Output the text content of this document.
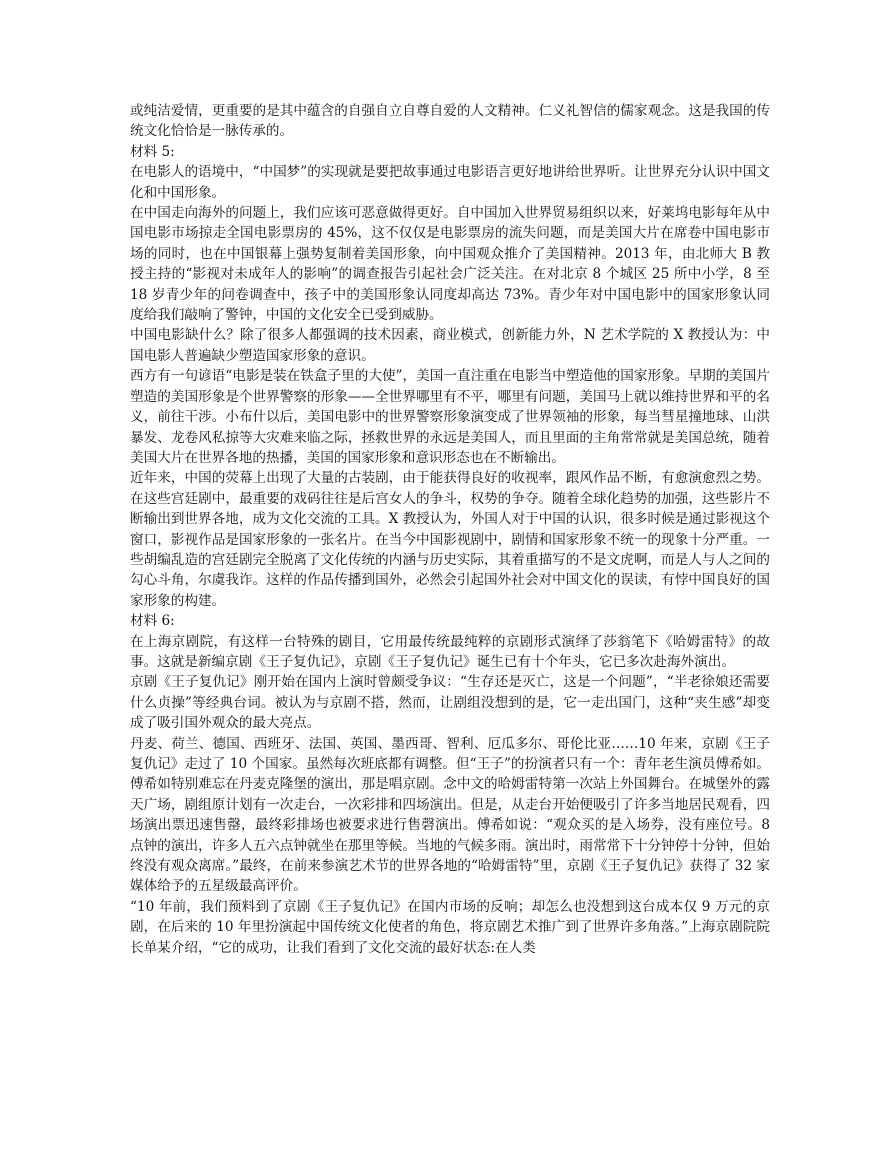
或纯洁爱情，更重要的是其中蕴含的自强自立自尊自爱的人文精神。仁义礼智信的儒家观念。这是我国的传统文化恰恰是一脉传承的。

材料 5:

在电影人的语境中，“中国梦”的实现就是要把故事通过电影语言更好地讲给世界听。让世界充分认识中国文化和中国形象。

在中国走向海外的问题上，我们应该可恶意做得更好。自中国加入世界贸易组织以来，好莱坞电影每年从中国电影市场掠走全国电影票房的 45%，这不仅仅是电影票房的流失问题，而是美国大片在席卷中国电影市场的同时，也在中国银幕上强势复制着美国形象，向中国观众推介了美国精神。2013 年，由北师大 B 教授主持的“影视对未成年人的影响”的调查报告引起社会广泛关注。在对北京 8 个城区 25 所中小学，8 至 18 岁青少年的问卷调查中，孩子中的美国形象认同度却高达 73%。青少年对中国电影中的国家形象认同度给我们敲响了警钟，中国的文化安全已受到威胁。

中国电影缺什么？除了很多人都强调的技术因素，商业模式，创新能力外，N 艺术学院的 X 教授认为：中国电影人普遍缺少塑造国家形象的意识。

西方有一句谚语“电影是装在铁盒子里的大使”，美国一直注重在电影当中塑造他的国家形象。早期的美国片塑造的美国形象是个世界警察的形象——全世界哪里有不平，哪里有问题，美国马上就以维持世界和平的名义，前往干涉。小布什以后，美国电影中的世界警察形象演变成了世界领袖的形象，每当彗星撞地球、山洪暴发、龙卷风私掠等大灾难来临之际，拯救世界的永远是美国人，而且里面的主角常常就是美国总统，随着美国大片在世界各地的热播，美国的国家形象和意识形态也在不断输出。

近年来，中国的荧幕上出现了大量的古装剧，由于能获得良好的收视率，跟风作品不断，有愈演愈烈之势。在这些宫廷剧中，最重要的戏码往往是后宫女人的争斗，权势的争夺。随着全球化趋势的加强，这些影片不断输出到世界各地，成为文化交流的工具。X 教授认为，外国人对于中国的认识，很多时候是通过影视这个窗口，影视作品是国家形象的一张名片。在当今中国影视剧中，剧情和国家形象不统一的现象十分严重。一些胡编乱造的宫廷剧完全脱离了文化传统的内涵与历史实际，其着重描写的不是文虎啊，而是人与人之间的勾心斗角，尔虞我诈。这样的作品传播到国外，必然会引起国外社会对中国文化的误读，有悖中国良好的国家形象的构建。

材料 6:

在上海京剧院，有这样一台特殊的剧目，它用最传统最纯粹的京剧形式演绎了莎翁笔下《哈姆雷特》的故事。这就是新编京剧《王子复仇记》，京剧《王子复仇记》诞生已有十个年头，它已多次赴海外演出。

京剧《王子复仇记》刚开始在国内上演时曾颇受争议：“生存还是灭亡，这是一个问题”，“半老徐娘还需要什么贞操”等经典台词。被认为与京剧不搭，然而，让剧组没想到的是，它一走出国门，这种“夹生感”却变成了吸引国外观众的最大亮点。

丹麦、荷兰、德国、西班牙、法国、英国、墨西哥、智利、厄瓜多尔、哥伦比亚……10 年来，京剧《王子复仇记》走过了 10 个国家。虽然每次班底都有调整。但“王子”的扮演者只有一个：青年老生演员傅希如。傅希如特别难忘在丹麦克隆堡的演出，那是唱京剧。念中文的哈姆雷特第一次站上外国舞台。在城堡外的露天广场，剧组原计划有一次走台，一次彩排和四场演出。但是，从走台开始便吸引了许多当地居民观看，四场演出票迅速售罄，最终彩排场也被要求进行售磬演出。傅希如说：“观众买的是入场券，没有座位号。8 点钟的演出，许多人五六点钟就坐在那里等候。当地的气候多雨。演出时，雨常常下十分钟停十分钟，但始终没有观众离席。”最终，在前来参演艺术节的世界各地的“哈姆雷特”里，京剧《王子复仇记》获得了 32 家媒体给予的五星级最高评价。

“10 年前，我们预料到了京剧《王子复仇记》在国内市场的反响；却怎么也没想到这台成本仅 9 万元的京剧，在后来的 10 年里扮演起中国传统文化使者的角色，将京剧艺术推广到了世界许多角落。”上海京剧院院长单某介绍，“它的成功，让我们看到了文化交流的最好状态:在人类
